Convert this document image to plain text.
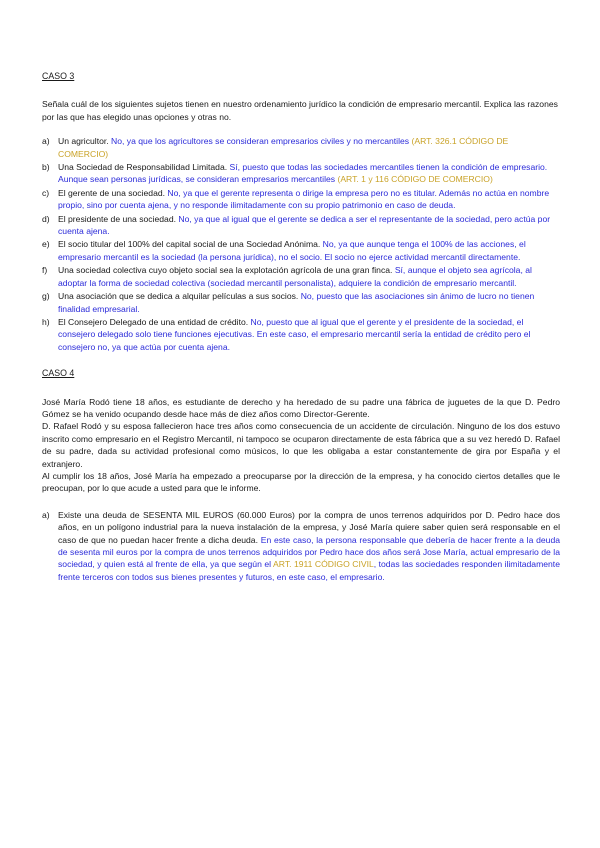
CASO 3

Señala cuál de los siguientes sujetos tienen en nuestro ordenamiento jurídico la condición de empresario mercantil. Explica las razones por las que has elegido unas opciones y otras no.

a) Un agricultor. No, ya que los agricultores se consideran empresarios civiles y no mercantiles (ART. 326.1 CÓDIGO DE COMERCIO)
b) Una Sociedad de Responsabilidad Limitada. Sí, puesto que todas las sociedades mercantiles tienen la condición de empresario. Aunque sean personas jurídicas, se consideran empresarios mercantiles (ART. 1 y 116 CÓDIGO DE COMERCIO)
c)	El gerente de una sociedad. No, ya que el gerente representa o dirige la empresa pero no es titular. Además no actúa en nombre propio, sino por cuenta ajena, y no responde ilimitadamente con su propio patrimonio en caso de deuda.
d) El presidente de una sociedad. No, ya que al igual que el gerente se dedica a ser el representante de la sociedad, pero actúa por cuenta ajena.
e) El socio titular del 100% del capital social de una Sociedad Anónima. No, ya que aunque tenga el 100% de las acciones, el empresario mercantil es la sociedad (la persona jurídica), no el socio. El socio no ejerce actividad mercantil directamente.
f)	Una sociedad colectiva cuyo objeto social sea la explotación agrícola de una gran finca. Sí, aunque el objeto sea agrícola, al adoptar la forma de sociedad colectiva (sociedad mercantil personalista), adquiere la condición de empresario mercantil.
g) Una asociación que se dedica a alquilar películas a sus socios. No, puesto que las asociaciones sin ánimo de lucro no tienen finalidad empresarial.
h) El Consejero Delegado de una entidad de crédito. No, puesto que al igual que el gerente y el presidente de la sociedad, el consejero delegado solo tiene funciones ejecutivas. En este caso, el empresario mercantil sería la entidad de crédito pero el consejero no, ya que actúa por cuenta ajena.

CASO 4

José María Rodó tiene 18 años, es estudiante de derecho y ha heredado de su padre una fábrica de juguetes de la que D. Pedro Gómez se ha venido ocupando desde hace más de diez años como Director-Gerente.

D. Rafael Rodó y su esposa fallecieron hace tres años como consecuencia de un accidente de circulación. Ninguno de los dos estuvo inscrito como empresario en el Registro Mercantil, ni tampoco se ocuparon directamente de esta fábrica que a su vez heredó D. Rafael de su padre, dada su actividad profesional como músicos, lo que les obligaba a estar constantemente de gira por España y el extranjero.

Al cumplir los 18 años, José María ha empezado a preocuparse por la dirección de la empresa, y ha conocido ciertos detalles que le preocupan, por lo que acude a usted para que le informe.

a) Existe una deuda de SESENTA MIL EUROS (60.000 Euros) por la compra de unos terrenos adquiridos por D. Pedro hace dos años, en un polígono industrial para la nueva instalación de la empresa, y José María quiere saber quien será responsable en el caso de que no puedan hacer frente a dicha deuda. En este caso, la persona responsable que debería de hacer frente a la deuda de sesenta mil euros por la compra de unos terrenos adquiridos por Pedro hace dos años será Jose María, actual empresario de la sociedad, y quien está al frente de ella, ya que según el ART. 1911 CÓDIGO CIVIL, todas las sociedades responden ilimitadamente frente terceros con todos sus bienes presentes y futuros, en este caso, el empresario.
